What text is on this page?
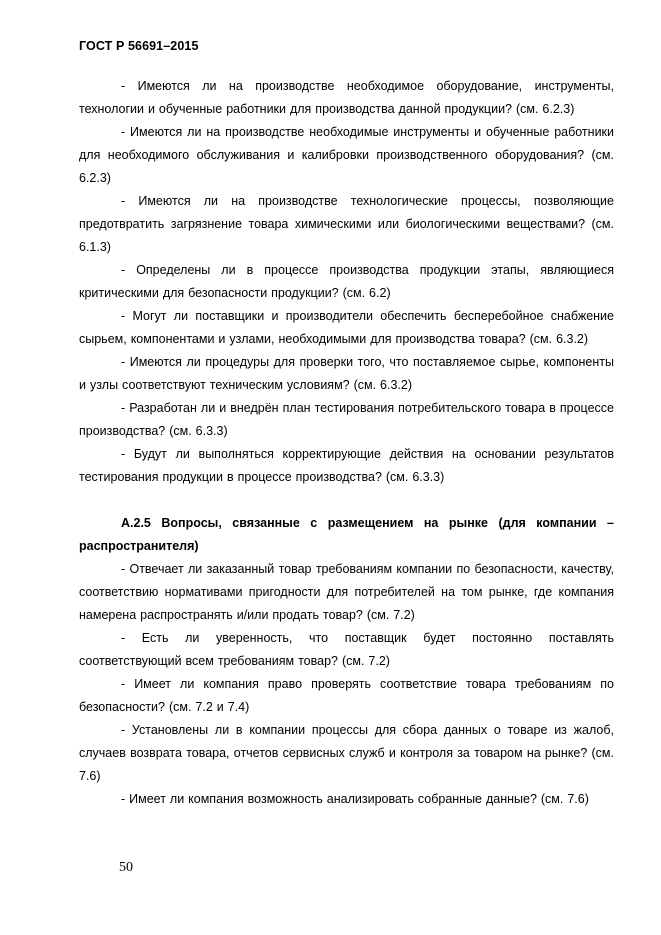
ГОСТ Р 56691–2015

- Имеются ли на производстве необходимое оборудование, инструменты, технологии и обученные работники для производства данной продукции? (см. 6.2.3)

- Имеются ли на производстве необходимые инструменты и обученные работники для необходимого обслуживания и калибровки производственного оборудования? (см. 6.2.3)

- Имеются ли на производстве технологические процессы, позволяющие предотвратить загрязнение товара химическими или биологическими веществами? (см. 6.1.3)

- Определены ли в процессе производства продукции этапы, являющиеся критическими для безопасности продукции? (см. 6.2)

- Могут ли поставщики и производители обеспечить бесперебойное снабжение сырьем, компонентами и узлами, необходимыми для производства товара? (см. 6.3.2)

- Имеются ли процедуры для проверки того, что поставляемое сырье, компоненты и узлы соответствуют техническим условиям? (см. 6.3.2)

- Разработан ли и внедрён план тестирования потребительского товара в процессе производства? (см. 6.3.3)

- Будут ли выполняться корректирующие действия на основании результатов тестирования продукции в процессе производства? (см. 6.3.3)

А.2.5 Вопросы, связанные с размещением на рынке (для компании – распространителя)

- Отвечает ли заказанный товар требованиям компании по безопасности, качеству, соответствию нормативами пригодности для потребителей на том рынке, где компания намерена распространять и/или продать товар? (см. 7.2)

- Есть ли уверенность, что поставщик будет постоянно поставлять соответствующий всем требованиям товар? (см. 7.2)

- Имеет ли компания право проверять соответствие товара требованиям по безопасности? (см. 7.2 и 7.4)

- Установлены ли в компании процессы для сбора данных о товаре из жалоб, случаев возврата товара, отчетов сервисных служб и контроля за товаром на рынке? (см. 7.6)

- Имеет ли компания возможность анализировать собранные данные? (см. 7.6)

50
